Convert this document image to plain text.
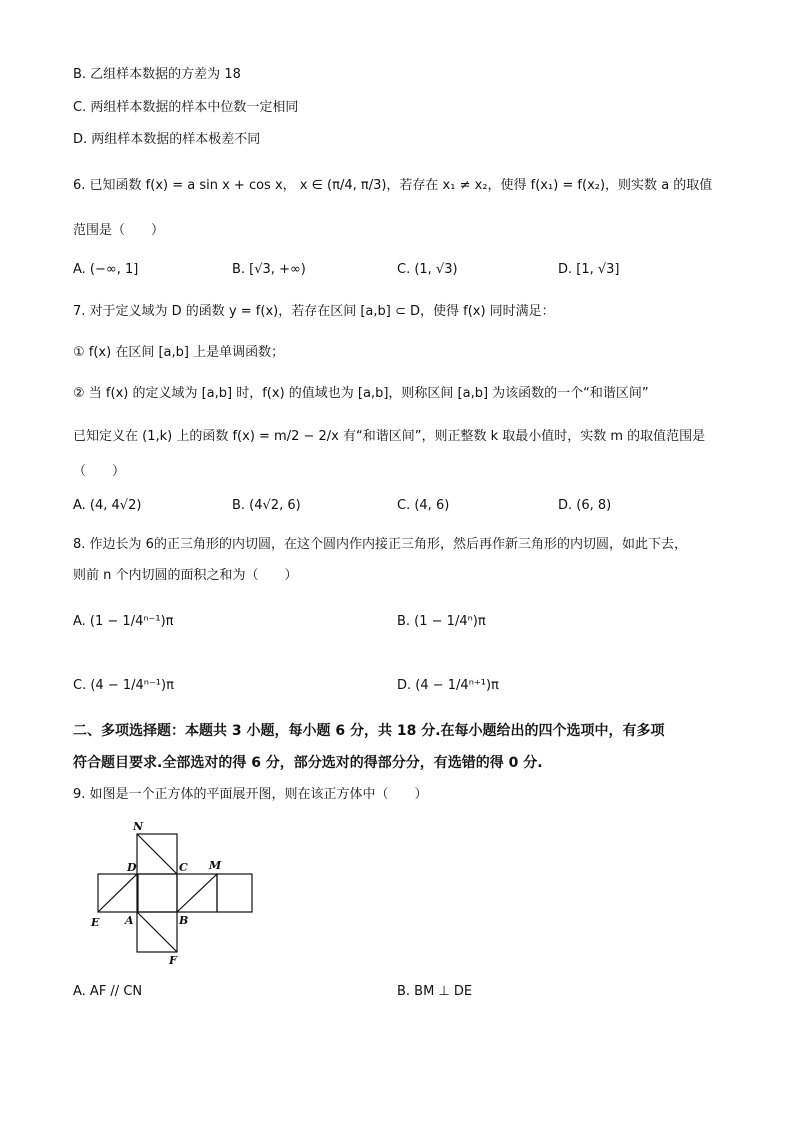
B. 乙组样本数据的方差为 18
C. 两组样本数据的样本中位数一定相同
D. 两组样本数据的样本极差不同
6. 已知函数 f(x) = a sin x + cos x， x ∈ (π/4, π/3)，若存在 x₁ ≠ x₂，使得 f(x₁) = f(x₂)，则实数 a 的取值
范围是（　　）
A. (−∞, 1]	B. [√3, +∞)	C. (1, √3)	D. [1, √3]
7. 对于定义域为 D 的函数 y = f(x)，若存在区间 [a,b] ⊂ D，使得 f(x) 同时满足：
① f(x) 在区间 [a,b] 上是单调函数；
② 当 f(x) 的定义域为 [a,b] 时，f(x) 的值域也为 [a,b]，则称区间 [a,b] 为该函数的一个“和谐区间”
已知定义在 (1,k) 上的函数 f(x) = m/2 − 2/x 有“和谐区间”，则正整数 k 取最小值时，实数 m 的取值范围是
（　　）
A. (4, 4√2)	B. (4√2, 6)	C. (4, 6)	D. (6, 8)
8. 作边长为 6的正三角形的内切圆，在这个圆内作内接正三角形，然后再作新三角形的内切圆，如此下去，
则前 n 个内切圆的面积之和为（　　）
A. (1 − 1/4ⁿ⁻¹)π	B. (1 − 1/4ⁿ)π
C. (4 − 1/4ⁿ⁻¹)π	D. (4 − 1/4ⁿ⁺¹)π
二、多项选择题：本题共 3 小题，每小题 6 分，共 18 分.在每小题给出的四个选项中，有多项
符合题目要求.全部选对的得 6 分，部分选对的得部分分，有选错的得 0 分.
9. 如图是一个正方体的平面展开图，则在该正方体中（　　）
N
D	C M
E A	B
F
A. AF // CN	B. BM ⊥ DE
